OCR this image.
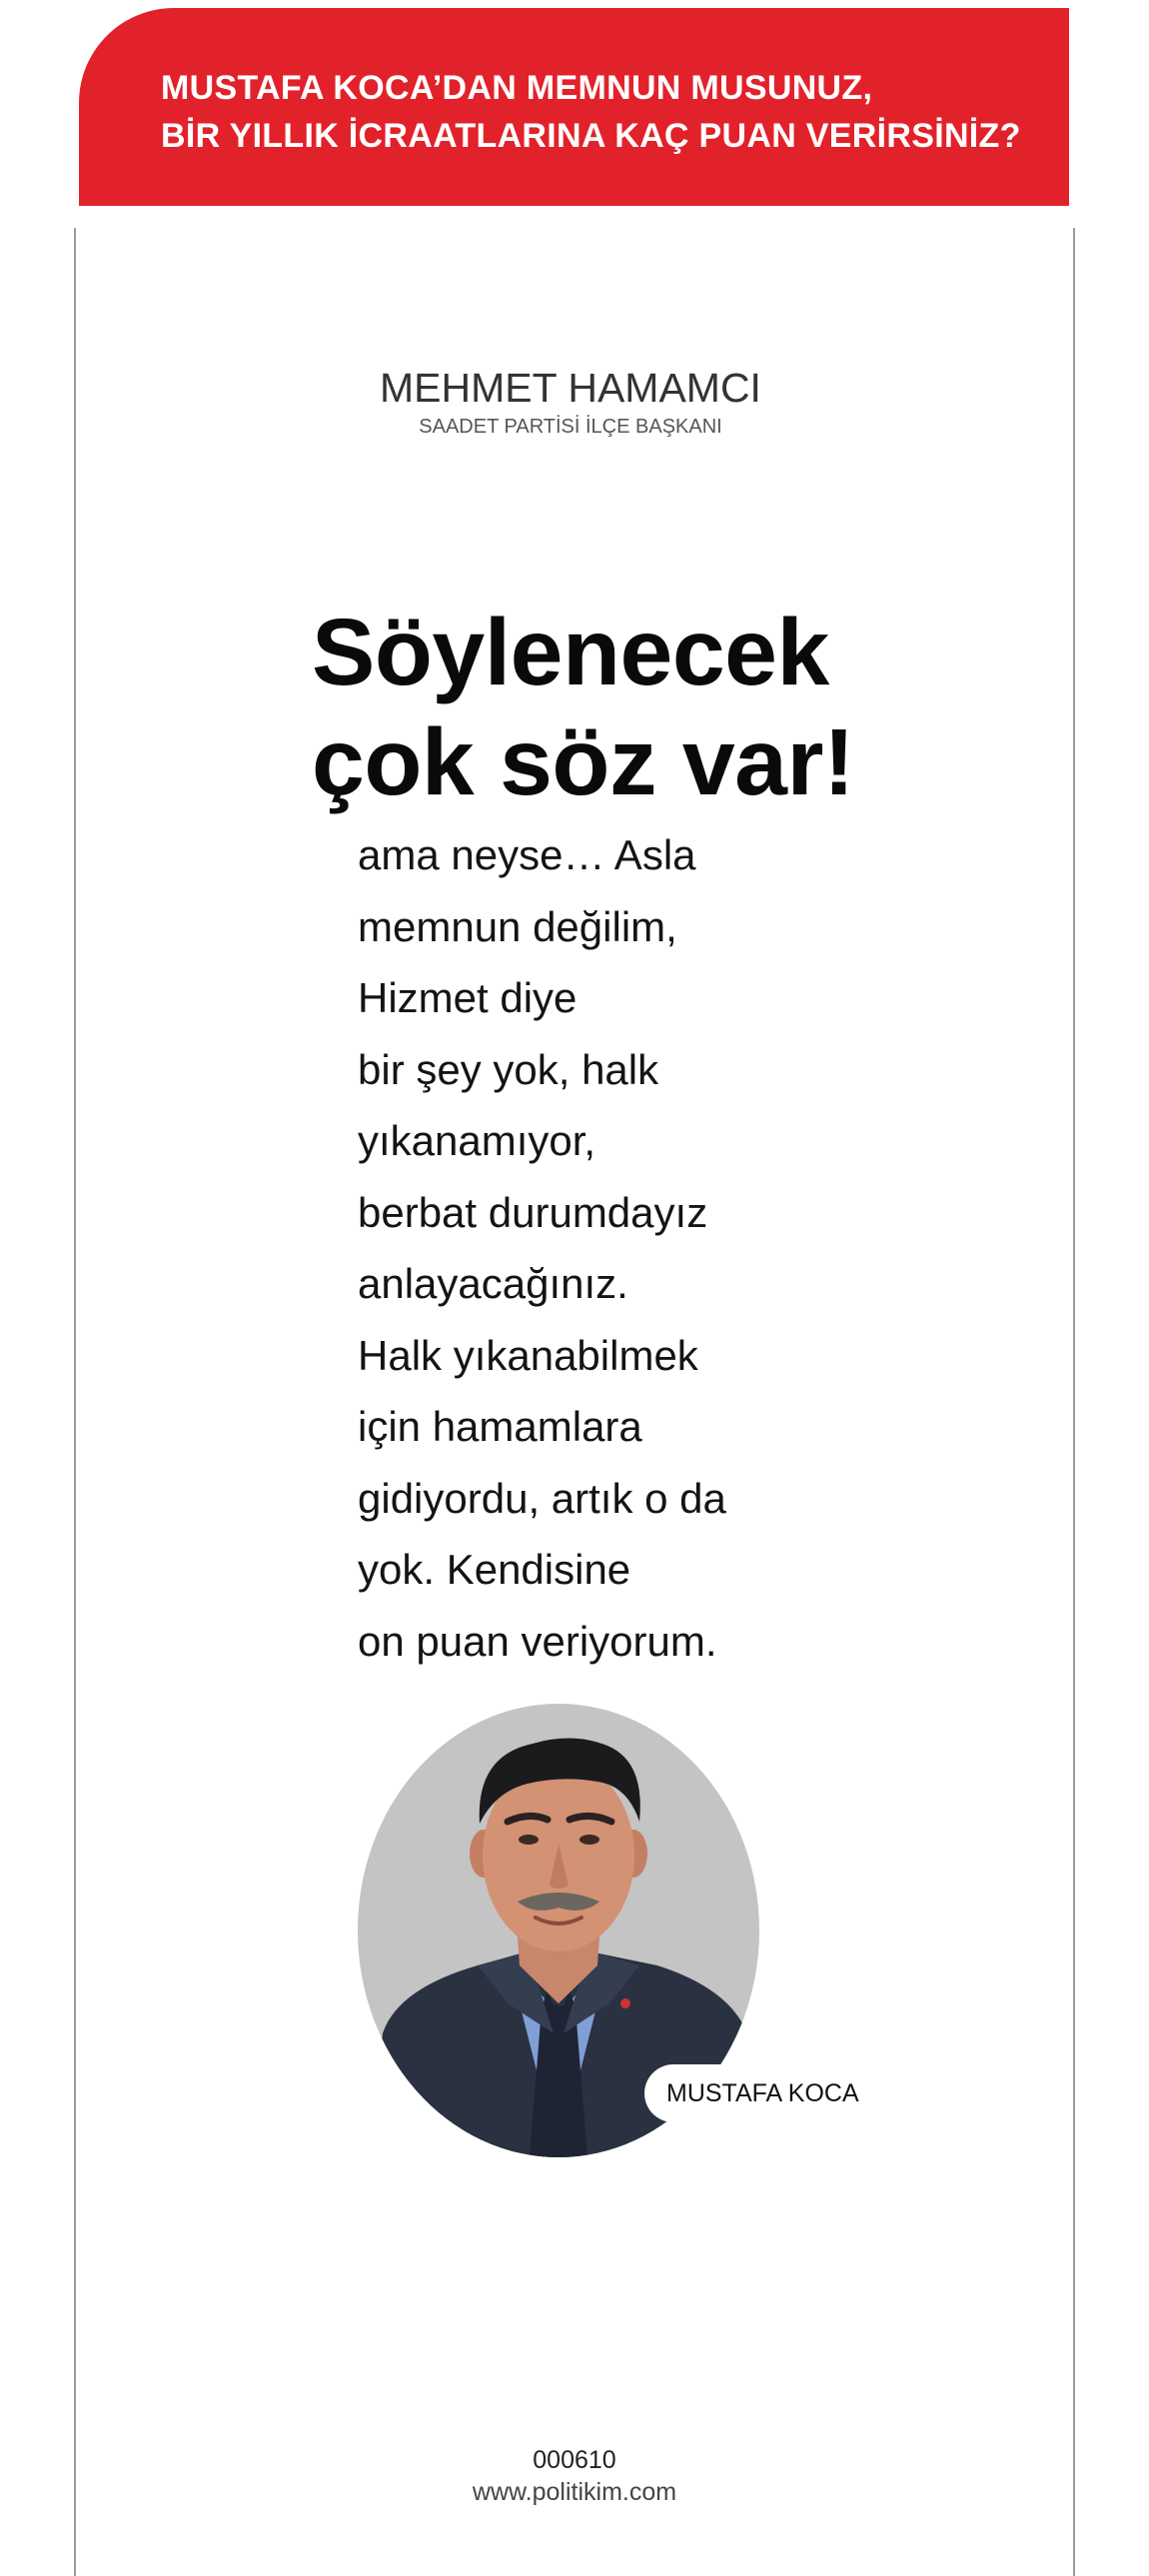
MUSTAFA KOCA’DAN MEMNUN MUSUNUZ,
BİR YILLIK İCRAATLARINA KAÇ PUAN VERİRSİNİZ?
MEHMET HAMAMCI
SAADET PARTİSİ İLÇE BAŞKANI
Söylenecek
çok söz var!
ama neyse… Asla
memnun değilim,
Hizmet diye
bir şey yok, halk
yıkanamıyor,
berbat durumdayız
anlayacağınız.
Halk yıkanabilmek
için hamamlara
gidiyordu, artık o da
yok. Kendisine
on puan veriyorum.
MUSTAFA KOCA
000610
www.politikim.com
